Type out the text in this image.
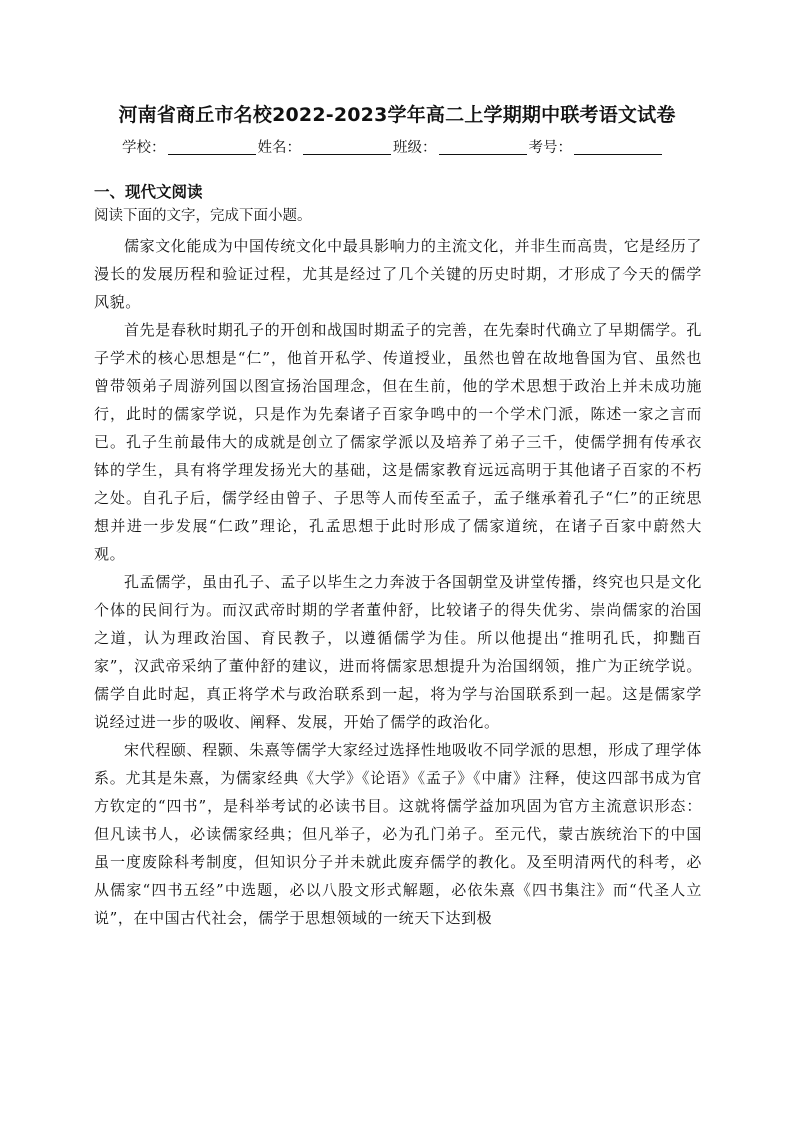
河南省商丘市名校2022-2023学年高二上学期期中联考语文试卷
学校：	姓名：	班级：	考号：
一、现代文阅读

阅读下面的文字，完成下面小题。

儒家文化能成为中国传统文化中最具影响力的主流文化，并非生而高贵，它是经历了漫长的发展历程和验证过程，尤其是经过了几个关键的历史时期，才形成了今天的儒学风貌。

首先是春秋时期孔子的开创和战国时期孟子的完善，在先秦时代确立了早期儒学。孔子学术的核心思想是“仁”，他首开私学、传道授业，虽然也曾在故地鲁国为官、虽然也曾带领弟子周游列国以图宣扬治国理念，但在生前，他的学术思想于政治上并未成功施行，此时的儒家学说，只是作为先秦诸子百家争鸣中的一个学术门派，陈述一家之言而已。孔子生前最伟大的成就是创立了儒家学派以及培养了弟子三千，使儒学拥有传承衣钵的学生，具有将学理发扬光大的基础，这是儒家教育远远高明于其他诸子百家的不朽之处。自孔子后，儒学经由曾子、子思等人而传至孟子，孟子继承着孔子“仁”的正统思想并进一步发展“仁政”理论，孔孟思想于此时形成了儒家道统，在诸子百家中蔚然大观。

孔孟儒学，虽由孔子、孟子以毕生之力奔波于各国朝堂及讲堂传播，终究也只是文化个体的民间行为。而汉武帝时期的学者董仲舒，比较诸子的得失优劣、崇尚儒家的治国之道，认为理政治国、育民教子，以遵循儒学为佳。所以他提出“推明孔氏，抑黜百家”，汉武帝采纳了董仲舒的建议，进而将儒家思想提升为治国纲领，推广为正统学说。儒学自此时起，真正将学术与政治联系到一起，将为学与治国联系到一起。这是儒家学说经过进一步的吸收、阐释、发展，开始了儒学的政治化。

宋代程颐、程颢、朱熹等儒学大家经过选择性地吸收不同学派的思想，形成了理学体系。尤其是朱熹，为儒家经典《大学》《论语》《孟子》《中庸》注释，使这四部书成为官方钦定的“四书”，是科举考试的必读书目。这就将儒学益加巩固为官方主流意识形态：但凡读书人，必读儒家经典；但凡举子，必为孔门弟子。至元代，蒙古族统治下的中国虽一度废除科考制度，但知识分子并未就此废弃儒学的教化。及至明清两代的科考，必从儒家“四书五经”中选题，必以八股文形式解题，必依朱熹《四书集注》而“代圣人立说”，在中国古代社会，儒学于思想领域的一统天下达到极
